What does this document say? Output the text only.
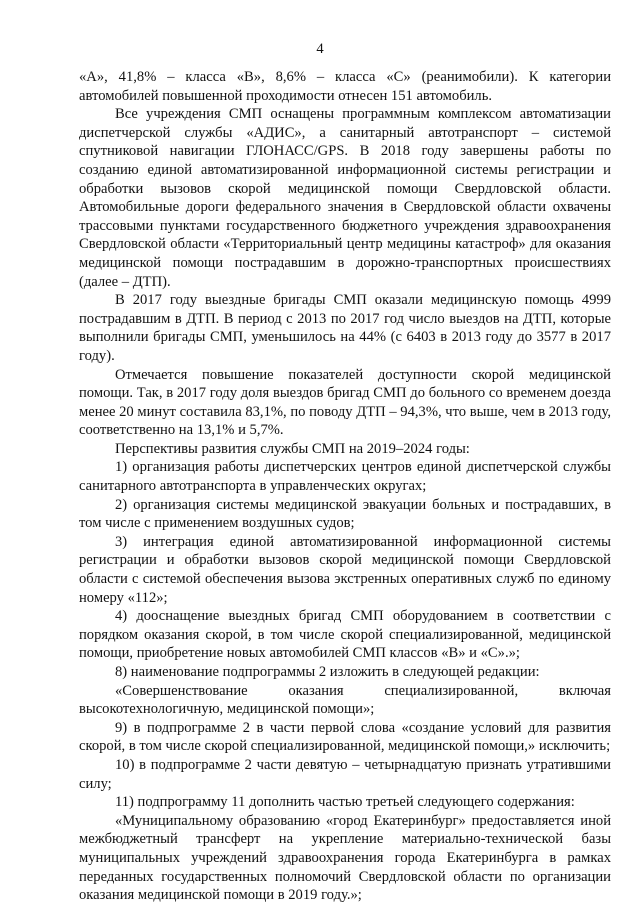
4

«А», 41,8% – класса «В», 8,6% – класса «С» (реанимобили). К категории автомобилей повышенной проходимости отнесен 151 автомобиль.

Все учреждения СМП оснащены программным комплексом автоматизации диспетчерской службы «АДИС», а санитарный автотранспорт – системой спутниковой навигации ГЛОНАСС/GPS. В 2018 году завершены работы по созданию единой автоматизированной информационной системы регистрации и обработки вызовов скорой медицинской помощи Свердловской области. Автомобильные дороги федерального значения в Свердловской области охвачены трассовыми пунктами государственного бюджетного учреждения здравоохранения Свердловской области «Территориальный центр медицины катастроф» для оказания медицинской помощи пострадавшим в дорожно-транспортных происшествиях (далее – ДТП).

В 2017 году выездные бригады СМП оказали медицинскую помощь 4999 пострадавшим в ДТП. В период с 2013 по 2017 год число выездов на ДТП, которые выполнили бригады СМП, уменьшилось на 44% (с 6403 в 2013 году до 3577 в 2017 году).

Отмечается повышение показателей доступности скорой медицинской помощи. Так, в 2017 году доля выездов бригад СМП до больного со временем доезда менее 20 минут составила 83,1%, по поводу ДТП – 94,3%, что выше, чем в 2013 году, соответственно на 13,1% и 5,7%.

Перспективы развития службы СМП на 2019–2024 годы:

1) организация работы диспетчерских центров единой диспетчерской службы санитарного автотранспорта в управленческих округах;

2) организация системы медицинской эвакуации больных и пострадавших, в том числе с применением воздушных судов;

3) интеграция единой автоматизированной информационной системы регистрации и обработки вызовов скорой медицинской помощи Свердловской области с системой обеспечения вызова экстренных оперативных служб по единому номеру «112»;

4) дооснащение выездных бригад СМП оборудованием в соответствии с порядком оказания скорой, в том числе скорой специализированной, медицинской помощи, приобретение новых автомобилей СМП классов «В» и «С».»;

8) наименование подпрограммы 2 изложить в следующей редакции:

«Совершенствование оказания специализированной, включая высокотехнологичную, медицинской помощи»;

9) в подпрограмме 2 в части первой слова «создание условий для развития скорой, в том числе скорой специализированной, медицинской помощи,» исключить;

10) в подпрограмме 2 части девятую – четырнадцатую признать утратившими силу;

11) подпрограмму 11 дополнить частью третьей следующего содержания:

«Муниципальному образованию «город Екатеринбург» предоставляется иной межбюджетный трансферт на укрепление материально-технической базы муниципальных учреждений здравоохранения города Екатеринбурга в рамках переданных государственных полномочий Свердловской области по организации оказания медицинской помощи в 2019 году.»;
